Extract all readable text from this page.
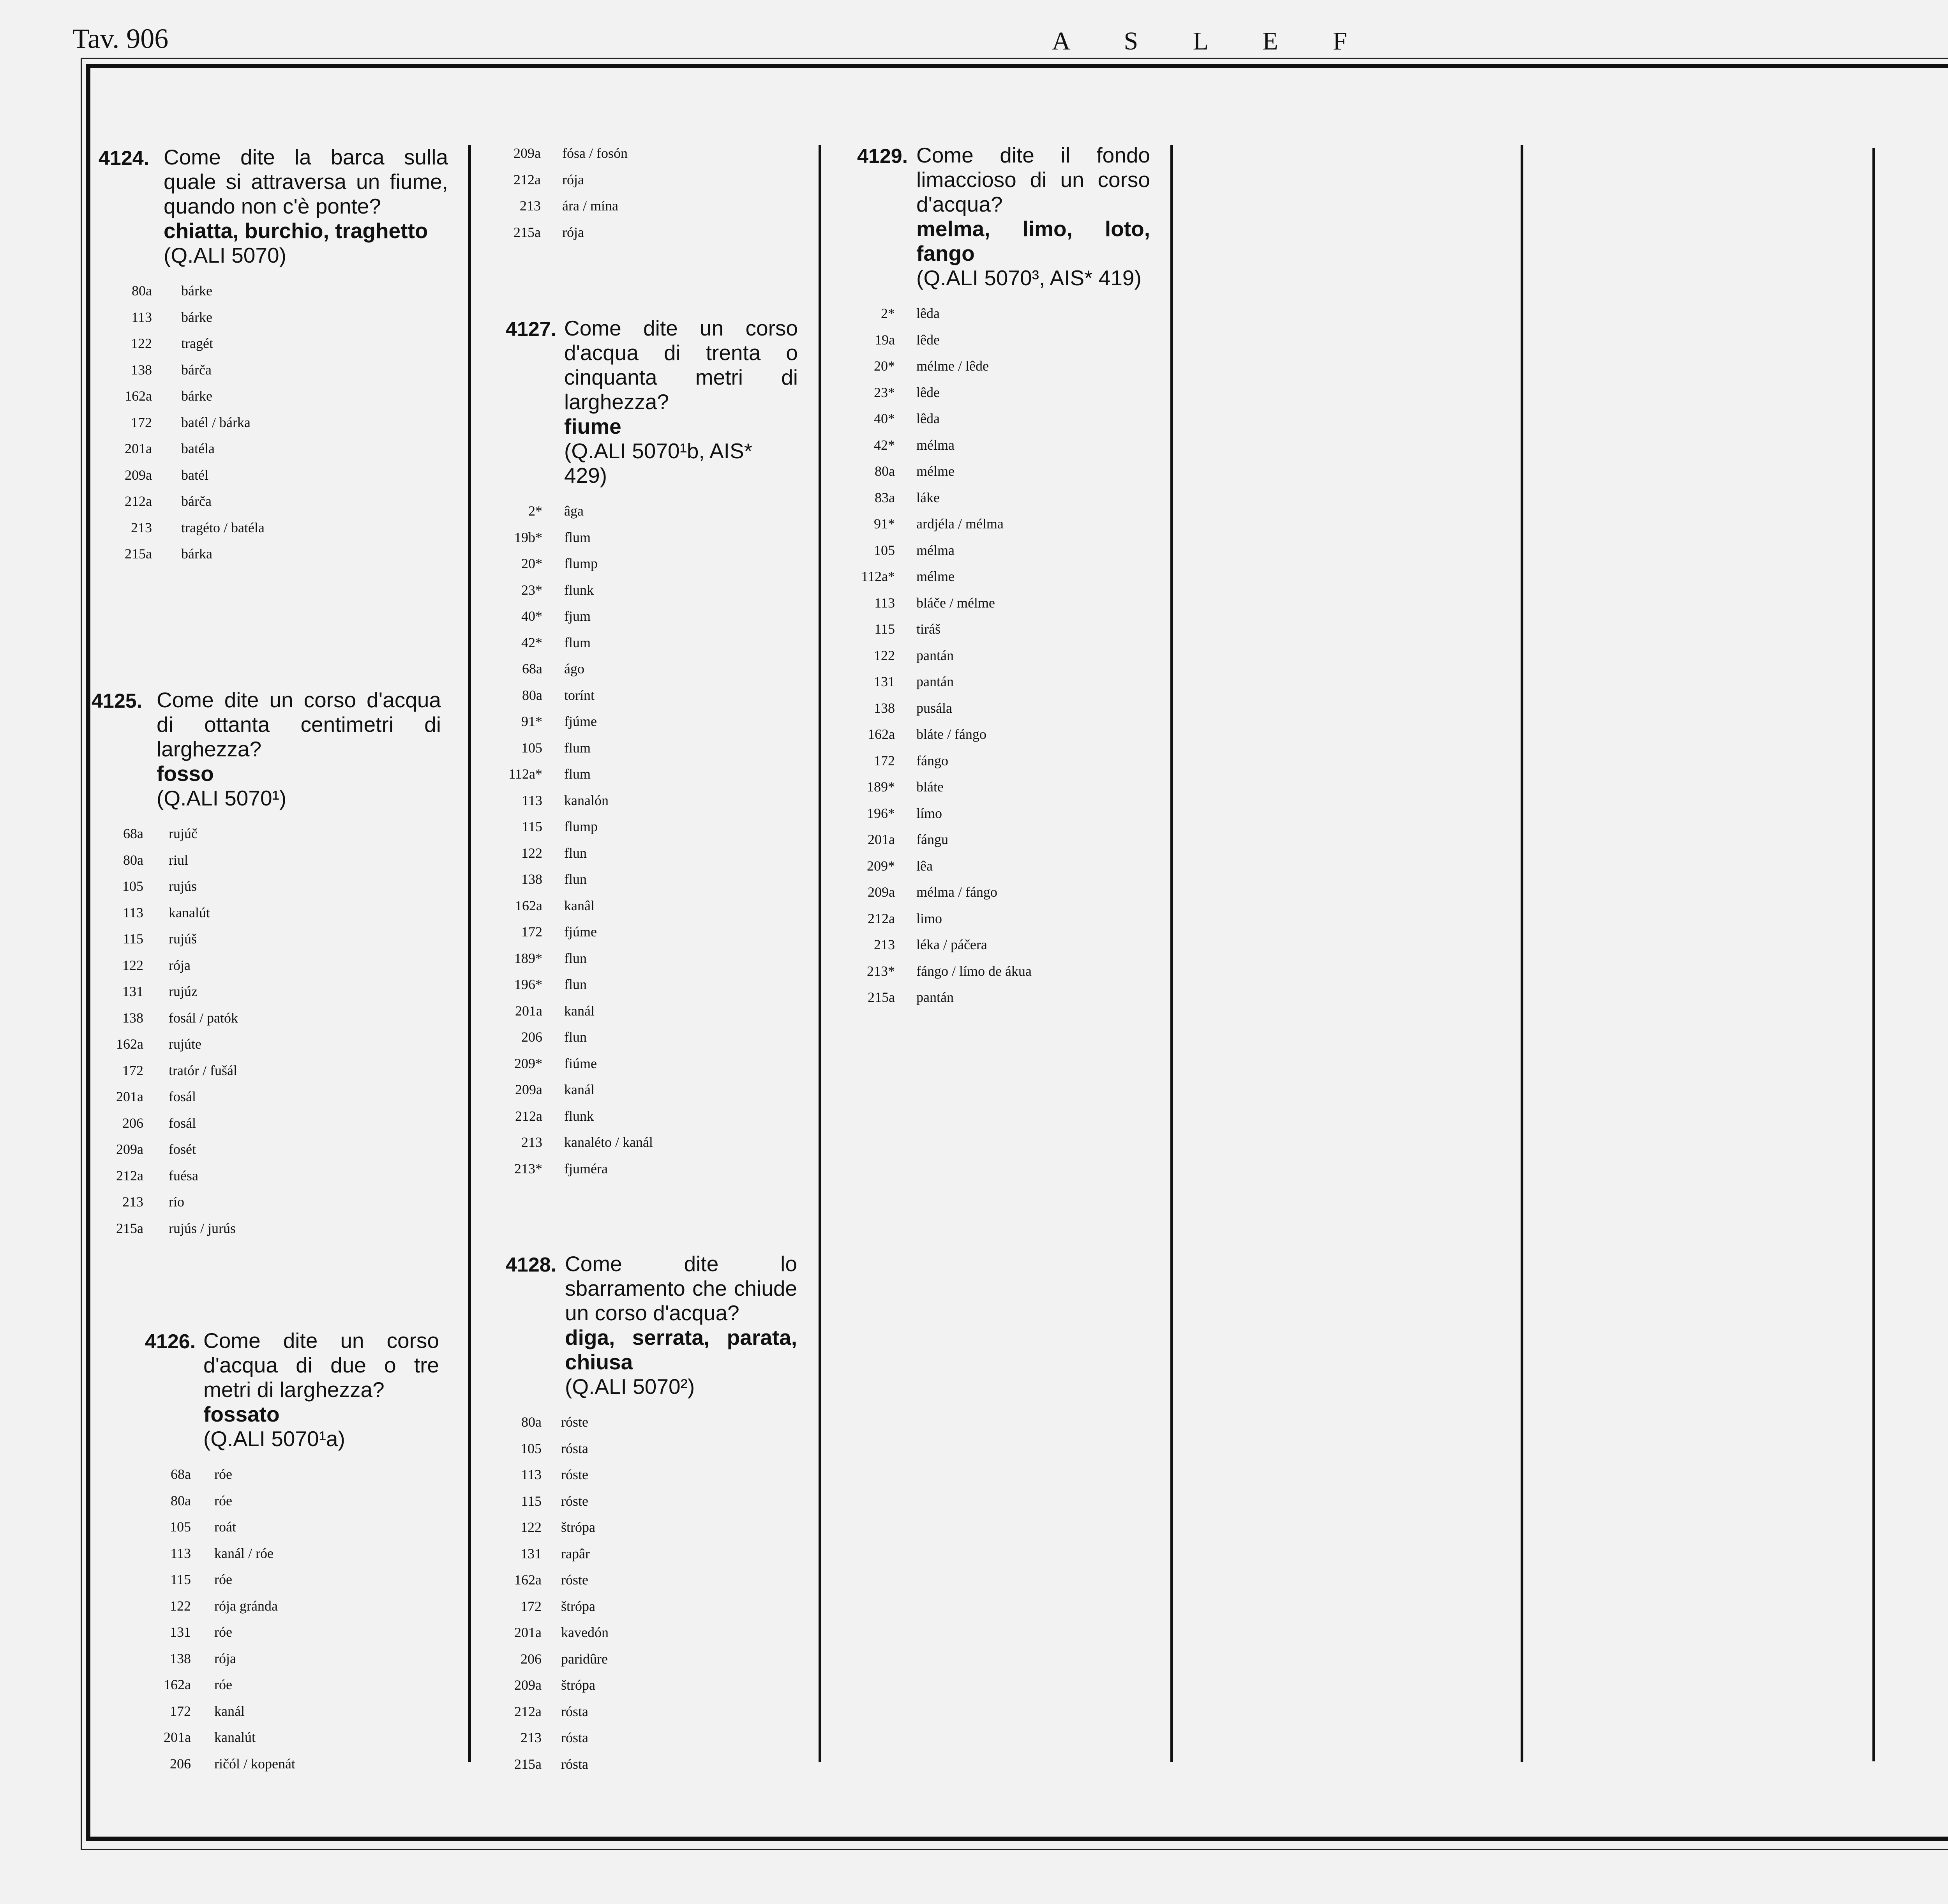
Tav. 906	A S L E F
4124. Come dite la barca sulla quale si attraversa un fiume, quando non c'è ponte?
chiatta, burchio, traghetto
(Q.ALI 5070)
80a bárke
113 bárke
122 tragét
138 bárča
162a bárke
172 batél / bárka
201a batéla
209a batél
212a bárča
213 tragéto / batéla
215a bárka
4125. Come dite un corso d'acqua di ottanta centimetri di larghezza?
fosso
(Q.ALI 5070¹)
68a rujúč
80a riul
105 rujús
113 kanalút
115 rujúš
122 rója
131 rujúz
138 fosál / patók
162a rujúte
172 tratór / fušál
201a fosál
206 fosál
209a fosét
212a fuésa
213 río
215a rujús / jurús
4126. Come dite un corso d'acqua di due o tre metri di larghezza?
fossato
(Q.ALI 5070¹a)
68a róe
80a róe
105 roát
113 kanál / róe
115 róe
122 rója gránda
131 róe
138 rója
162a róe
172 kanál
201a kanalút
206 ričól / kopenát
209a fósa / fosón
212a rója
213 ára / mína
215a rója
4127. Come dite un corso d'acqua di trenta o cinquanta metri di larghezza?
fiume
(Q.ALI 5070¹b, AIS* 429)
2* âga
19b* flum
20* flump
23* flunk
40* fjum
42* flum
68a ágo
80a torínt
91* fjúme
105 flum
112a* flum
113 kanalón
115 flump
122 flun
138 flun
162a kanâl
172 fjúme
189* flun
196* flun
201a kanál
206 flun
209* fiúme
209a kanál
212a flunk
213 kanaléto / kanál
213* fjuméra
4128. Come dite lo sbarramento che chiude un corso d'acqua?
diga, serrata, parata, chiusa
(Q.ALI 5070²)
80a róste
105 rósta
113 róste
115 róste
122 štrópa
131 rapâr
162a róste
172 štrópa
201a kavedón
206 paridûre
209a štrópa
212a rósta
213 rósta
215a rósta
4129. Come dite il fondo limaccioso di un corso d'acqua?
melma, limo, loto, fango
(Q.ALI 5070³, AIS* 419)
2* lêda
19a lêde
20* mélme / lêde
23* lêde
40* lêda
42* mélma
80a mélme
83a láke
91* ardjéla / mélma
105 mélma
112a* mélme
113 bláče / mélme
115 tiráš
122 pantán
131 pantán
138 pusála
162a bláte / fángo
172 fángo
189* bláte
196* límo
201a fángu
209* lêa
209a mélma / fángo
212a limo
213 léka / páčera
213* fángo / límo de ákua
215a pantán
